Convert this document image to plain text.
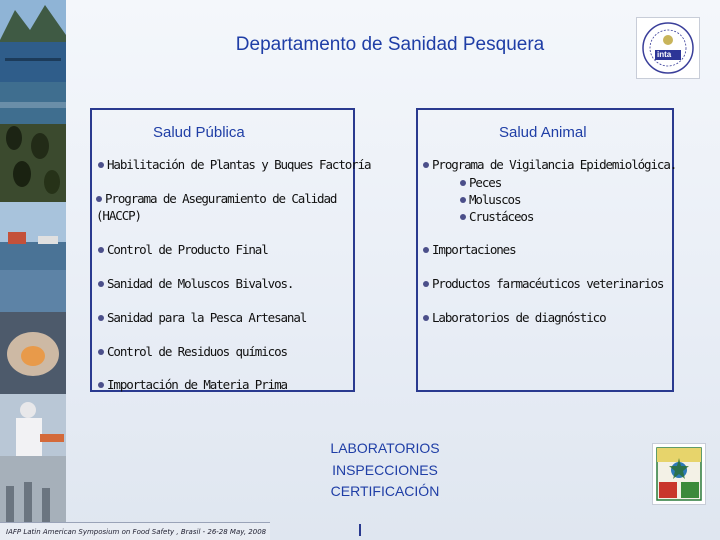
Departamento de Sanidad Pesquera	inta
Salud Pública
Habilitación de Plantas y Buques Factoría
Programa de Aseguramiento de Calidad (HACCP)
Control de Producto Final
Sanidad de Moluscos Bivalvos.
Sanidad para la Pesca Artesanal
Control de Residuos químicos
Importación de Materia Prima
Salud Animal
Programa de Vigilancia Epidemiológica.
Peces
Moluscos
Crustáceos
Importaciones
Productos farmacéuticos veterinarios
Laboratorios de diagnóstico
LABORATORIOS
INSPECCIONES
CERTIFICACIÓN
IAFP Latin American Symposium on Food Safety , Brasil - 26-28 May, 2008
